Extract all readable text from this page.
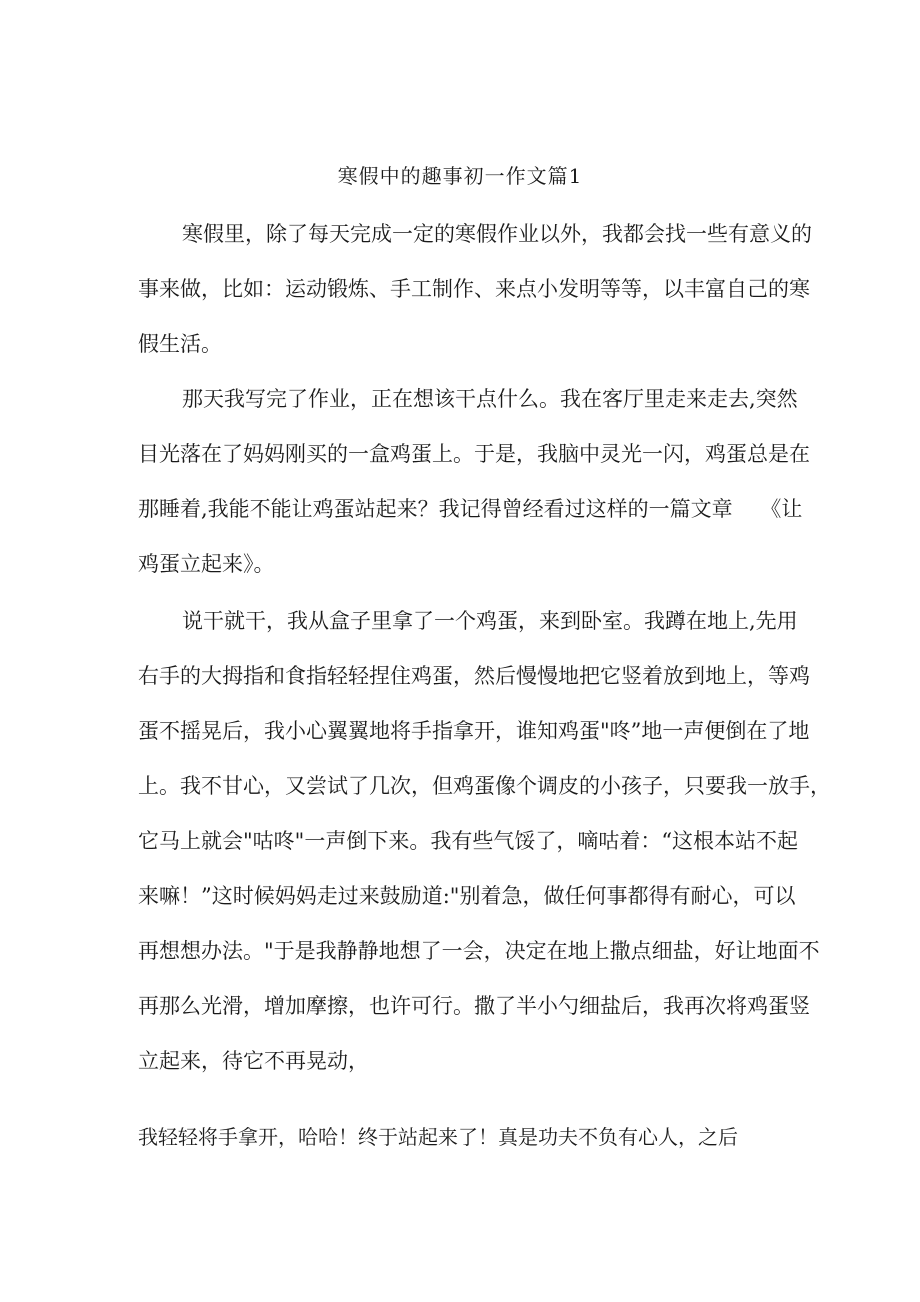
寒假中的趣事初一作文篇1
寒假里，除了每天完成一定的寒假作业以外，我都会找一些有意义的
事来做，比如：运动锻炼、手工制作、来点小发明等等，以丰富自己的寒
假生活。
那天我写完了作业，正在想该干点什么。我在客厅里走来走去,突然
目光落在了妈妈刚买的一盒鸡蛋上。于是，我脑中灵光一闪，鸡蛋总是在
那睡着,我能不能让鸡蛋站起来？我记得曾经看过这样的一篇文章　 《让
鸡蛋立起来》。
说干就干，我从盒子里拿了一个鸡蛋，来到卧室。我蹲在地上,先用
右手的大拇指和食指轻轻捏住鸡蛋，然后慢慢地把它竖着放到地上，等鸡
蛋不摇晃后，我小心翼翼地将手指拿开，谁知鸡蛋"咚”地一声便倒在了地
上。我不甘心，又尝试了几次，但鸡蛋像个调皮的小孩子，只要我一放手，
它马上就会"咕咚"一声倒下来。我有些气馁了，嘀咕着：“这根本站不起
来嘛！”这时候妈妈走过来鼓励道:"别着急，做任何事都得有耐心，可以
再想想办法。"于是我静静地想了一会，决定在地上撒点细盐，好让地面不
再那么光滑，增加摩擦，也许可行。撒了半小勺细盐后，我再次将鸡蛋竖
立起来，待它不再晃动，
我轻轻将手拿开，哈哈！终于站起来了！真是功夫不负有心人，之后
